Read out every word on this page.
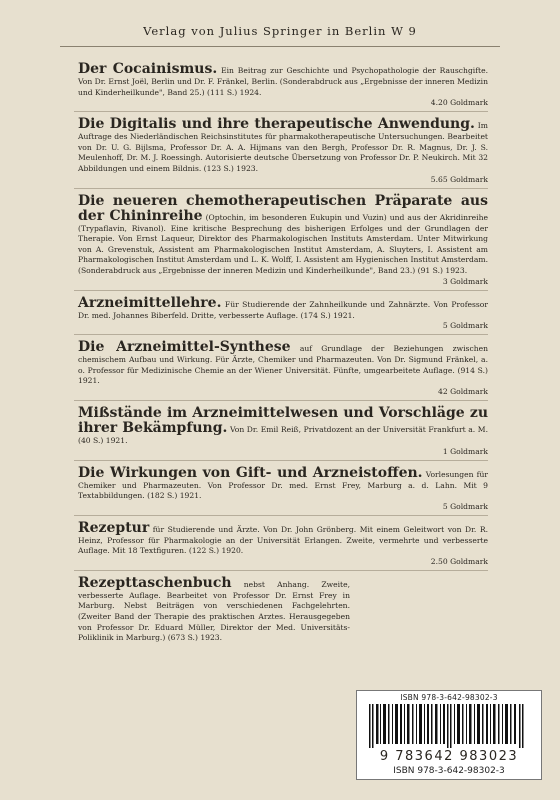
Verlag von Julius Springer in Berlin W 9
Der Cocainismus. Ein Beitrag zur Geschichte und Psychopathologie der Rauschgifte. Von Dr. Ernst Joël, Berlin und Dr. F. Fränkel, Berlin. (Sonderabdruck aus „Ergebnisse der inneren Medizin und Kinderheilkunde", Band 25.) (111 S.) 1924.
4.20 Goldmark
Die Digitalis und ihre therapeutische Anwendung. Im Auftrage des Niederländischen Reichsinstitutes für pharmakotherapeutische Untersuchungen. Bearbeitet von Dr. U. G. Bijlsma, Professor Dr. A. A. Hijmans van den Bergh, Professor Dr. R. Magnus, Dr. J. S. Meulenhoff, Dr. M. J. Roessingh. Autorisierte deutsche Übersetzung von Professor Dr. P. Neukirch. Mit 32 Abbildungen und einem Bildnis. (123 S.) 1923.
5.65 Goldmark
Die neueren chemotherapeutischen Präparate aus der Chininreihe (Optochin, im besonderen Eukupin und Vuzin) und aus der Akridinreihe (Trypaflavin, Rivanol). Eine kritische Besprechung des bisherigen Erfolges und der Grundlagen der Therapie. Von Ernst Laqueur, Direktor des Pharmakologischen Instituts Amsterdam. Unter Mitwirkung von A. Grevenstuk, Assistent am Pharmakologischen Institut Amsterdam, A. Sluyters, I. Assistent am Pharmakologischen Institut Amsterdam und L. K. Wolff, I. Assistent am Hygienischen Institut Amsterdam. (Sonderabdruck aus „Ergebnisse der inneren Medizin und Kinderheilkunde", Band 23.) (91 S.) 1923.
3 Goldmark
Arzneimittellehre. Für Studierende der Zahnheilkunde und Zahnärzte. Von Professor Dr. med. Johannes Biberfeld. Dritte, verbesserte Auflage. (174 S.) 1921.
5 Goldmark
Die Arzneimittel-Synthese auf Grundlage der Beziehungen zwischen chemischem Aufbau und Wirkung. Für Ärzte, Chemiker und Pharmazeuten. Von Dr. Sigmund Fränkel, a. o. Professor für Medizinische Chemie an der Wiener Universität. Fünfte, umgearbeitete Auflage. (914 S.) 1921.
42 Goldmark
Mißstände im Arzneimittelwesen und Vorschläge zu ihrer Bekämpfung. Von Dr. Emil Reiß, Privatdozent an der Universität Frankfurt a. M. (40 S.) 1921.
1 Goldmark
Die Wirkungen von Gift- und Arzneistoffen. Vorlesungen für Chemiker und Pharmazeuten. Von Professor Dr. med. Ernst Frey, Marburg a. d. Lahn. Mit 9 Textabbildungen. (182 S.) 1921.
5 Goldmark
Rezeptur für Studierende und Ärzte. Von Dr. John Grönberg. Mit einem Geleitwort von Dr. R. Heinz, Professor für Pharmakologie an der Universität Erlangen. Zweite, vermehrte und verbesserte Auflage. Mit 18 Textfiguren. (122 S.) 1920.
2.50 Goldmark
Rezepttaschenbuch nebst Anhang. Zweite, verbesserte Auflage. Bearbeitet von Professor Dr. Ernst Frey in Marburg. Nebst Beiträgen von verschiedenen Fachgelehrten. (Zweiter Band der Therapie des praktischen Arztes. Herausgegeben von Professor Dr. Eduard Müller, Direktor der Med. Universitäts-Poliklinik in Marburg.) (673 S.) 1923.
ISBN 978-3-642-98302-3
9 783642 983023
ISBN 978-3-642-98302-3
